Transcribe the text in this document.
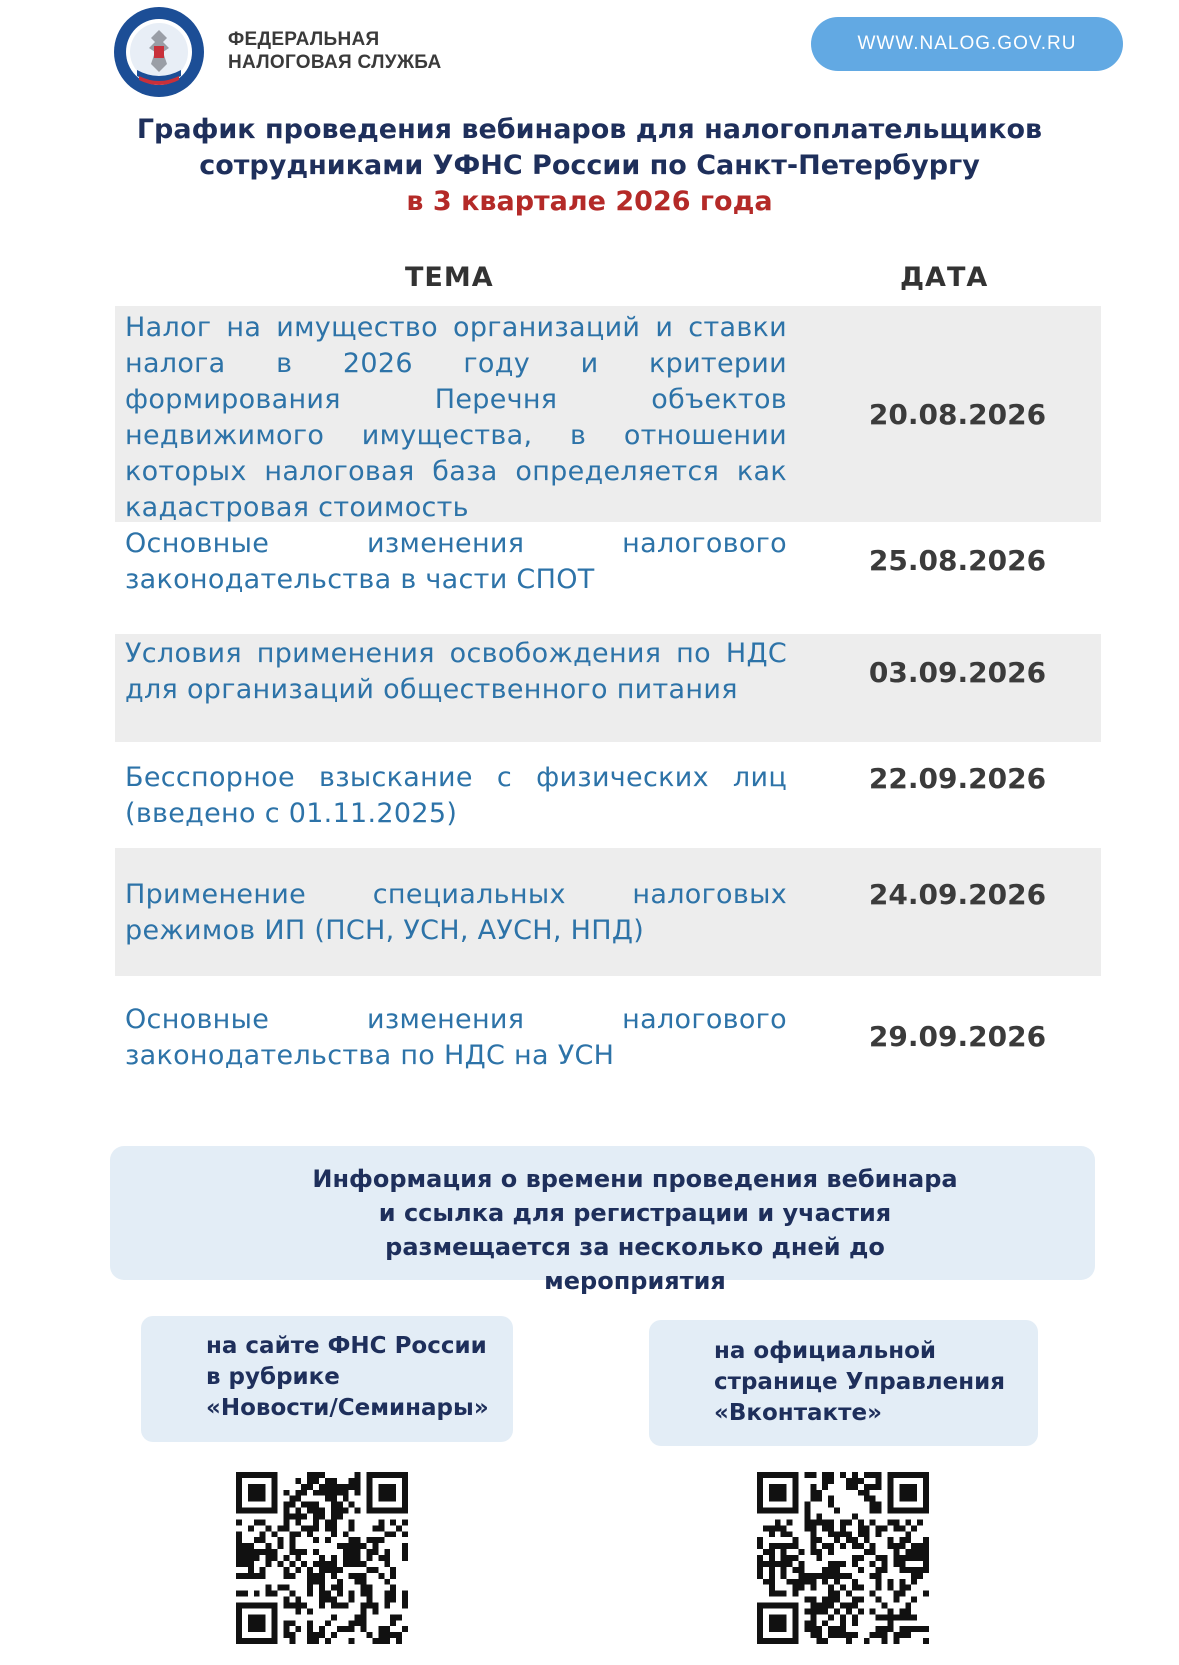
ФЕДЕРАЛЬНАЯ
НАЛОГОВАЯ СЛУЖБА
WWW.NALOG.GOV.RU
График проведения вебинаров для налогоплательщиков
сотрудниками УФНС России по Санкт-Петербургу
в 3 квартале 2026 года
ТЕМА	ДАТА
Налог на имущество организаций и ставки налога в 2026 году и критерии формирования Перечня объектов недвижимого имущества, в отношении которых налоговая база определяется как кадастровая стоимость
20.08.2026
Основные изменения налогового законодательства в части СПОТ
25.08.2026
Условия применения освобождения по НДС для организаций общественного питания
03.09.2026
Бесспорное взыскание с физических лиц (введено с 01.11.2025)
22.09.2026
Применение специальных налоговых режимов ИП (ПСН, УСН, АУСН, НПД)
24.09.2026
Основные изменения налогового законодательства по НДС на УСН
29.09.2026
Информация о времени проведения вебинара и ссылка для регистрации и участия размещается за несколько дней до мероприятия
на сайте ФНС России
в рубрике
«Новости/Семинары»
на официальной
странице Управления
«Вконтакте»
